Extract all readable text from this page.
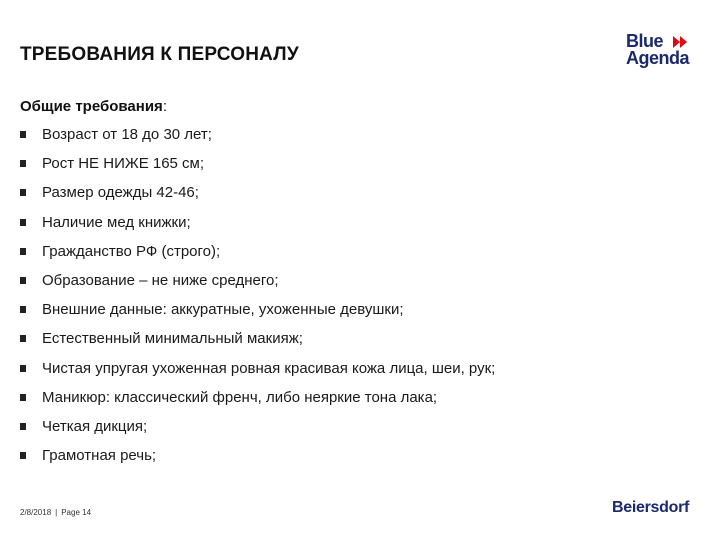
ТРЕБОВАНИЯ К ПЕРСОНАЛУ
Blue
Agenda
Общие требования:
Возраст от 18 до 30 лет;
Рост НЕ НИЖЕ 165 см;
Размер одежды 42-46;
Наличие мед книжки;
Гражданство РФ (строго);
Образование – не ниже среднего;
Внешние данные: аккуратные, ухоженные девушки;
Естественный минимальный макияж;
Чистая упругая ухоженная ровная красивая кожа лица, шеи, рук;
Маникюр: классический френч, либо неяркие тона лака;
Четкая дикция;
Грамотная речь;
2/8/2018 | Page 14	Beiersdorf
